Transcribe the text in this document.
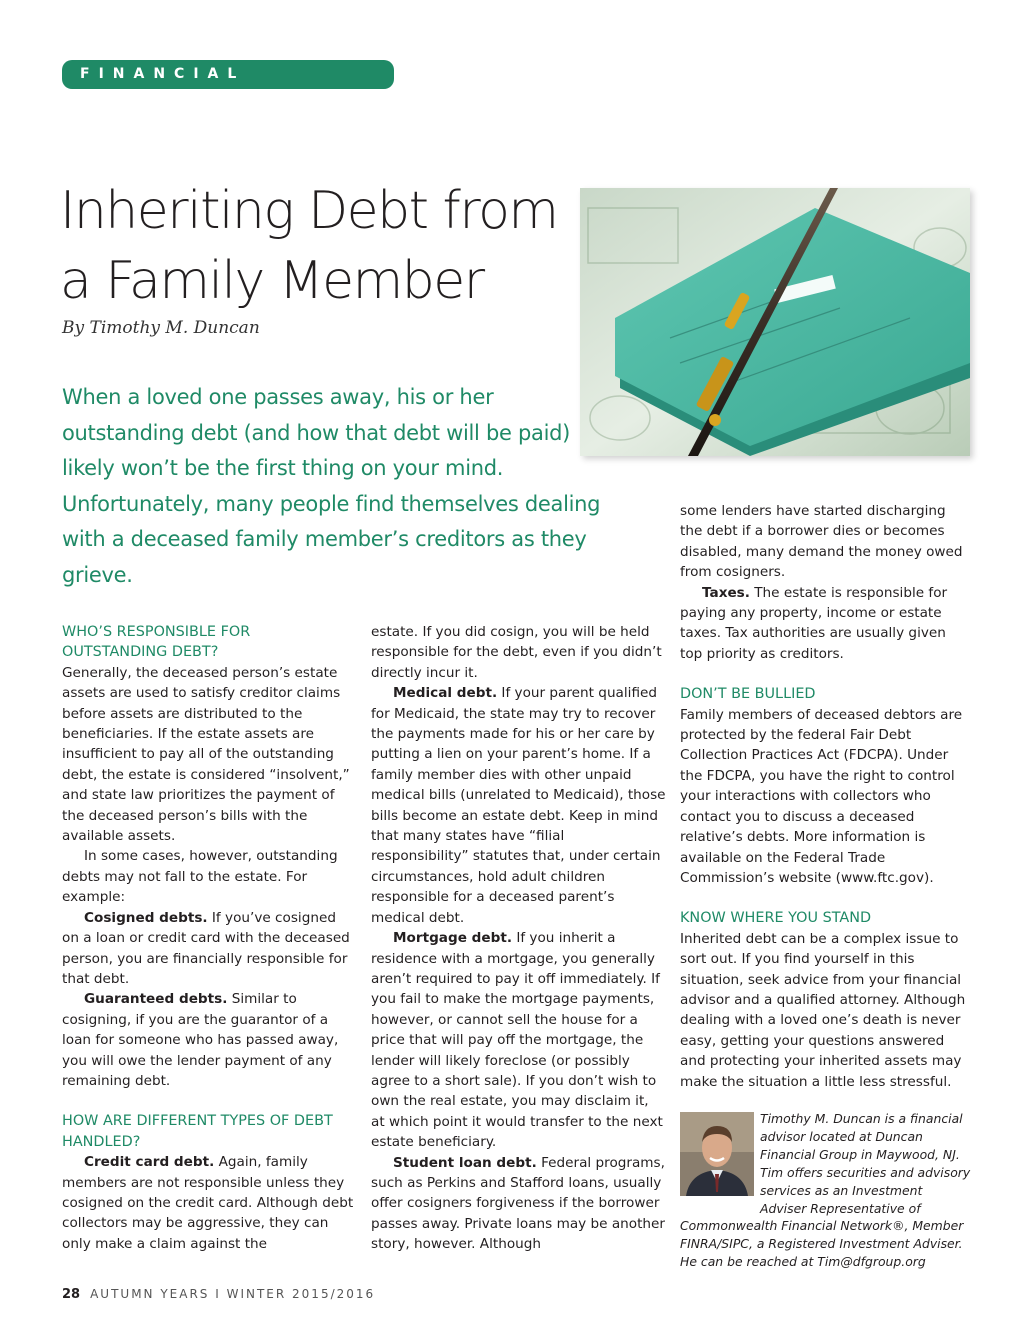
FINANCIAL PLANNING
Inheriting Debt from
a Family Member
By Timothy M. Duncan
When a loved one passes away, his or her outstanding debt (and how that debt will be paid) likely won’t be the first thing on your mind. Unfortunately, many people find themselves dealing with a deceased family member’s creditors as they grieve.
WHO’S RESPONSIBLE FOR OUTSTANDING DEBT?

Generally, the deceased person’s estate assets are used to satisfy creditor claims before assets are distributed to the beneficiaries. If the estate assets are insufficient to pay all of the outstanding debt, the estate is considered “insolvent,” and state law prioritizes the payment of the deceased person’s bills with the available assets.

In some cases, however, outstanding debts may not fall to the estate. For example:

Cosigned debts. If you’ve cosigned on a loan or credit card with the deceased person, you are financially responsible for that debt.

Guaranteed debts. Similar to cosigning, if you are the guarantor of a loan for someone who has passed away, you will owe the lender payment of any remaining debt.

HOW ARE DIFFERENT TYPES OF DEBT HANDLED?

Credit card debt. Again, family members are not responsible unless they cosigned on the credit card. Although debt collectors may be aggressive, they can only make a claim against the

estate. If you did cosign, you will be held responsible for the debt, even if you didn’t directly incur it.

Medical debt. If your parent qualified for Medicaid, the state may try to recover the payments made for his or her care by putting a lien on your parent’s home. If a family member dies with other unpaid medical bills (unrelated to Medicaid), those bills become an estate debt. Keep in mind that many states have “filial responsibility” statutes that, under certain circumstances, hold adult children responsible for a deceased parent’s medical debt.

Mortgage debt. If you inherit a residence with a mortgage, you generally aren’t required to pay it off immediately. If you fail to make the mortgage payments, however, or cannot sell the house for a price that will pay off the mortgage, the lender will likely foreclose (or possibly agree to a short sale). If you don’t wish to own the real estate, you may disclaim it, at which point it would transfer to the next estate beneficiary.

Student loan debt. Federal programs, such as Perkins and Stafford loans, usually offer cosigners forgiveness if the borrower passes away. Private loans may be another story, however. Although

some lenders have started discharging the debt if a borrower dies or becomes disabled, many demand the money owed from cosigners.

Taxes. The estate is responsible for paying any property, income or estate taxes. Tax authorities are usually given top priority as creditors.

DON’T BE BULLIED

Family members of deceased debtors are protected by the federal Fair Debt Collection Practices Act (FDCPA). Under the FDCPA, you have the right to control your interactions with collectors who contact you to discuss a deceased relative’s debts. More information is available on the Federal Trade Commission’s website (www.ftc.gov).

KNOW WHERE YOU STAND

Inherited debt can be a complex issue to sort out. If you find yourself in this situation, seek advice from your financial advisor and a qualified attorney. Although dealing with a loved one’s death is never easy, getting your questions answered and protecting your inherited assets may make the situation a little less stressful.

Timothy M. Duncan is a financial advisor located at Duncan Financial Group in Maywood, NJ. Tim offers securities and advisory services as an Investment Adviser Representative of Commonwealth Financial Network®, Member FINRA/SIPC, a Registered Investment Adviser. He can be reached at Tim@dfgroup.org
28 AUTUMN YEARS I WINTER 2015/2016
